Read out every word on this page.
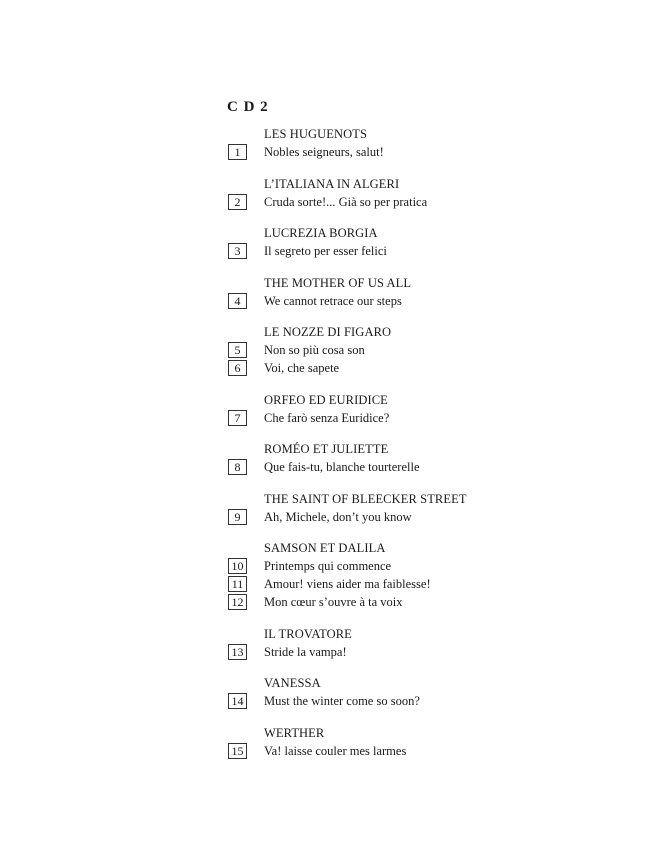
C D 2
LES HUGUENOTS
1	Nobles seigneurs, salut!
L’ITALIANA IN ALGERI
2	Cruda sorte!... Già so per pratica
LUCREZIA BORGIA
3	Il segreto per esser felici
THE MOTHER OF US ALL
4	We cannot retrace our steps
LE NOZZE DI FIGARO
5	Non so più cosa son
6	Voi, che sapete
ORFEO ED EURIDICE
7	Che farò senza Euridice?
ROMÉO ET JULIETTE
8	Que fais-tu, blanche tourterelle
THE SAINT OF BLEECKER STREET
9	Ah, Michele, don’t you know
SAMSON ET DALILA
10 Printemps qui commence
11 Amour! viens aider ma faiblesse!
12 Mon cœur s’ouvre à ta voix
IL TROVATORE
13 Stride la vampa!
VANESSA
14 Must the winter come so soon?
WERTHER
15 Va! laisse couler mes larmes
